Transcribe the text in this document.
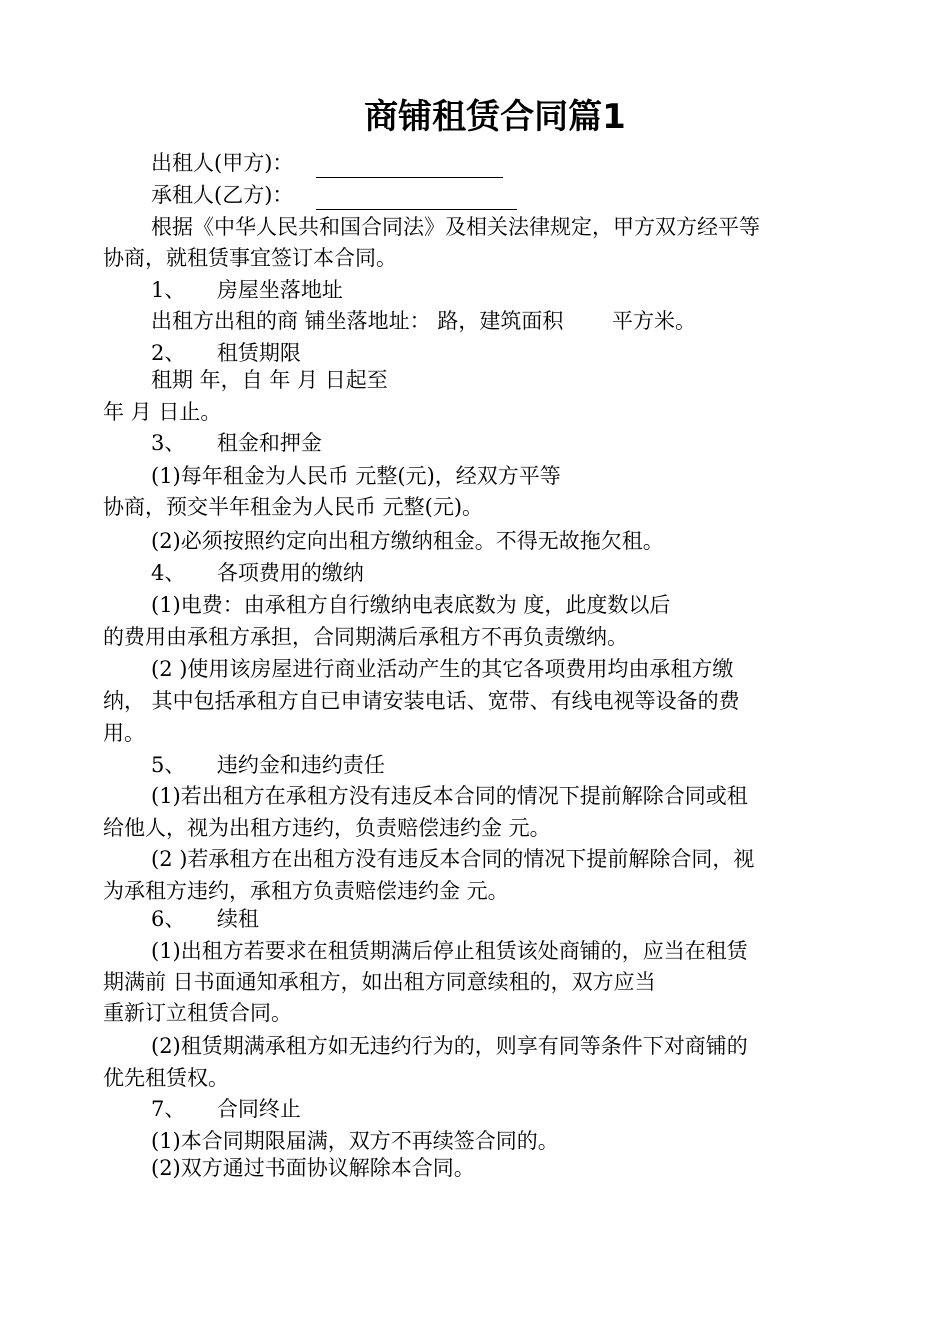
商铺租赁合同篇1
出租人(甲方)：
承租人(乙方)：
根据《中华人民共和国合同法》及相关法律规定，甲方双方经平等
协商，就租赁事宜签订本合同。
1、　　房屋坐落地址
出租方出租的商 铺坐落地址： 路，建筑面积　　 平方米。
2、　　租赁期限
租期 年，自 年 月 日起至
年 月 日止。
3、　　租金和押金
(1)每年租金为人民币 元整(元)，经双方平等
协商，预交半年租金为人民币 元整(元)。
(2)必须按照约定向出租方缴纳租金。不得无故拖欠租。
4、　　各项费用的缴纳
(1)电费：由承租方自行缴纳电表底数为 度，此度数以后
的费用由承租方承担，合同期满后承租方不再负责缴纳。
(2 )使用该房屋进行商业活动产生的其它各项费用均由承租方缴
纳， 其中包括承租方自已申请安装电话、宽带、有线电视等设备的费
用。
5、　　违约金和违约责任
(1)若出租方在承租方没有违反本合同的情况下提前解除合同或租
给他人，视为出租方违约，负责赔偿违约金 元。
(2 )若承租方在出租方没有违反本合同的情况下提前解除合同，视
为承租方违约，承租方负责赔偿违约金 元。
6、　　续租
(1)出租方若要求在租赁期满后停止租赁该处商铺的，应当在租赁
期满前 日书面通知承租方，如出租方同意续租的，双方应当
重新订立租赁合同。
(2)租赁期满承租方如无违约行为的，则享有同等条件下对商铺的
优先租赁权。
7、　　合同终止
(1)本合同期限届满，双方不再续签合同的。
(2)双方通过书面协议解除本合同。
